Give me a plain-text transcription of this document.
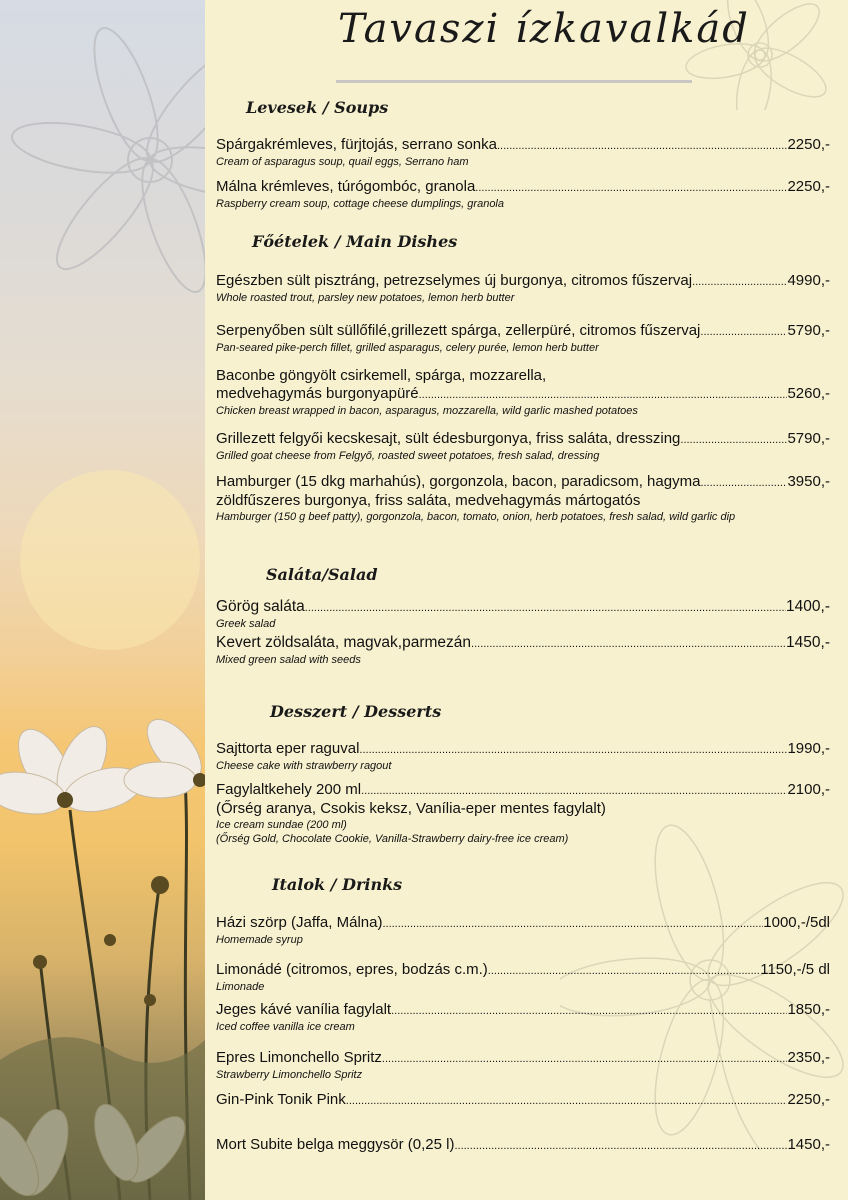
Tavaszi ízkavalkád
Levesek / Soups
Spárgakrémleves, fürjtojás, serrano sonka .....	2250,-
Cream of asparagus soup, quail eggs, Serrano ham
Málna krémleves, túrógombóc, granola .....	2250,-
Raspberry cream soup, cottage cheese dumplings, granola
Főételek / Main Dishes
Egészben sült pisztráng, petrezselymes új burgonya, citromos fűszervaj .....	4990,-
Whole roasted trout, parsley new potatoes, lemon herb butter
Serpenyőben sült süllőfilé,grillezett spárga, zellerpüré, citromos fűszervaj .....	5790,-
Pan-seared pike-perch fillet, grilled asparagus, celery purée, lemon herb butter
Baconbe göngyölt csirkemell, spárga, mozzarella,
medvehagymás burgonyapüré .....	5260,-
Chicken breast wrapped in bacon, asparagus, mozzarella, wild garlic mashed potatoes
Grillezett felgyői kecskesajt, sült édesburgonya, friss saláta, dresszing .....	5790,-
Grilled goat cheese from Felgyő, roasted sweet potatoes, fresh salad, dressing
Hamburger (15 dkg marhahús), gorgonzola, bacon, paradicsom, hagyma .....	3950,-
zöldfűszeres burgonya, friss saláta, medvehagymás mártogatós
Hamburger (150 g beef patty), gorgonzola, bacon, tomato, onion, herb potatoes, fresh salad, wild garlic dip
Saláta/Salad
Görög saláta .....	1400,-
Greek salad
Kevert zöldsaláta, magvak,parmezán .....	1450,-
Mixed green salad with seeds
Desszert / Desserts
Sajttorta eper raguval .....	1990,-
Cheese cake with strawberry ragout
Fagylaltkehely 200 ml .....	2100,-
(Őrség aranya, Csokis keksz, Vanília-eper mentes fagylalt)
Ice cream sundae (200 ml)
(Őrség Gold, Chocolate Cookie, Vanilla-Strawberry dairy-free ice cream)
Italok / Drinks
Házi szörp (Jaffa, Málna) .....	1000,-/5dl
Homemade syrup
Limonádé (citromos, epres, bodzás c.m.) .....	1150,-/5 dl
Limonade
Jeges kávé vanília fagylalt .....	1850,-
Iced coffee vanilla ice cream
Epres Limonchello Spritz .....	2350,-
Strawberry Limonchello Spritz
Gin-Pink Tonik Pink .....	2250,-
Mort Subite belga meggysör (0,25 l) .....	1450,-
